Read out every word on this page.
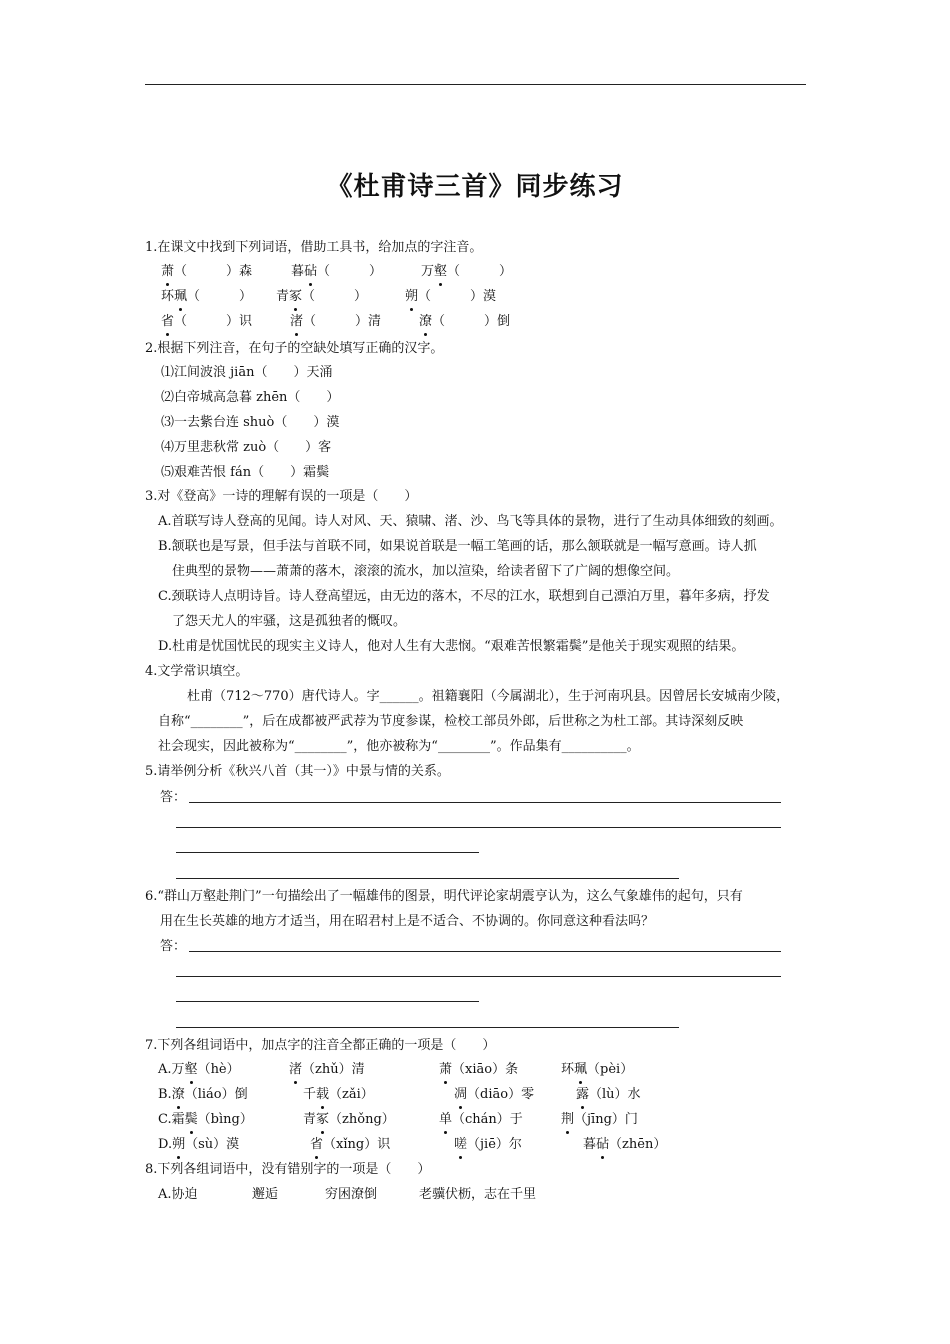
《杜甫诗三首》同步练习
1.在课文中找到下列词语，借助工具书，给加点的字注音。
萧（　　　）森	暮砧（　　　）	万壑（　　　）
环珮（　　　） 青冢（　　　）	朔（　　　）漠
省（　　　）识	渚（　　　）清	潦（　　　）倒
2.根据下列注音，在句子的空缺处填写正确的汉字。
⑴江间波浪 jiān（　　）天涌
⑵白帝城高急暮 zhēn（　　）
⑶一去紫台连 shuò（　　）漠
⑷万里悲秋常 zuò（　　）客
⑸艰难苦恨 fán（　　）霜鬓
3.对《登高》一诗的理解有误的一项是（　　）
A.首联写诗人登高的见闻。诗人对风、天、猿啸、渚、沙、鸟飞等具体的景物，进行了生动具体细致的刻画。
B.颔联也是写景，但手法与首联不同，如果说首联是一幅工笔画的话，那么颔联就是一幅写意画。诗人抓
住典型的景物——萧萧的落木，滚滚的流水，加以渲染，给读者留下了广阔的想像空间。
C.颈联诗人点明诗旨。诗人登高望远，由无边的落木，不尽的江水，联想到自己漂泊万里，暮年多病，抒发
了怨天尤人的牢骚，这是孤独者的慨叹。
D.杜甫是忧国忧民的现实主义诗人，他对人生有大悲悯。“艰难苦恨繁霜鬓”是他关于现实观照的结果。
4.文学常识填空。
杜甫（712～770）唐代诗人。字______。祖籍襄阳（今属湖北），生于河南巩县。因曾居长安城南少陵，
自称“________”，后在成都被严武荐为节度参谋，检校工部员外郎，后世称之为杜工部。其诗深刻反映
社会现实，因此被称为“________”，他亦被称为“________”。作品集有__________。
5.请举例分析《秋兴八首（其一）》中景与情的关系。
答：
6.“群山万壑赴荆门”一句描绘出了一幅雄伟的图景，明代评论家胡震亨认为，这么气象雄伟的起句，只有
用在生长英雄的地方才适当，用在昭君村上是不适合、不协调的。你同意这种看法吗？
答：
7.下列各组词语中，加点字的注音全都正确的一项是（　　）
A.万壑（hè）	渚（zhǔ）清	萧（xiāo）条	环珮（pèi）
B.潦（liáo）倒	千载（zǎi）	凋（diāo）零	露（lù）水
C.霜鬓（bìng）	青冢（zhǒng）	单（chán）于	荆（jīng）门
D.朔（sù）漠	省（xǐng）识	嗟（jiē）尔	暮砧（zhēn）
8.下列各组词语中，没有错别字的一项是（　　）
A.协迫	邂逅	穷困潦倒	老骥伏枥，志在千里
